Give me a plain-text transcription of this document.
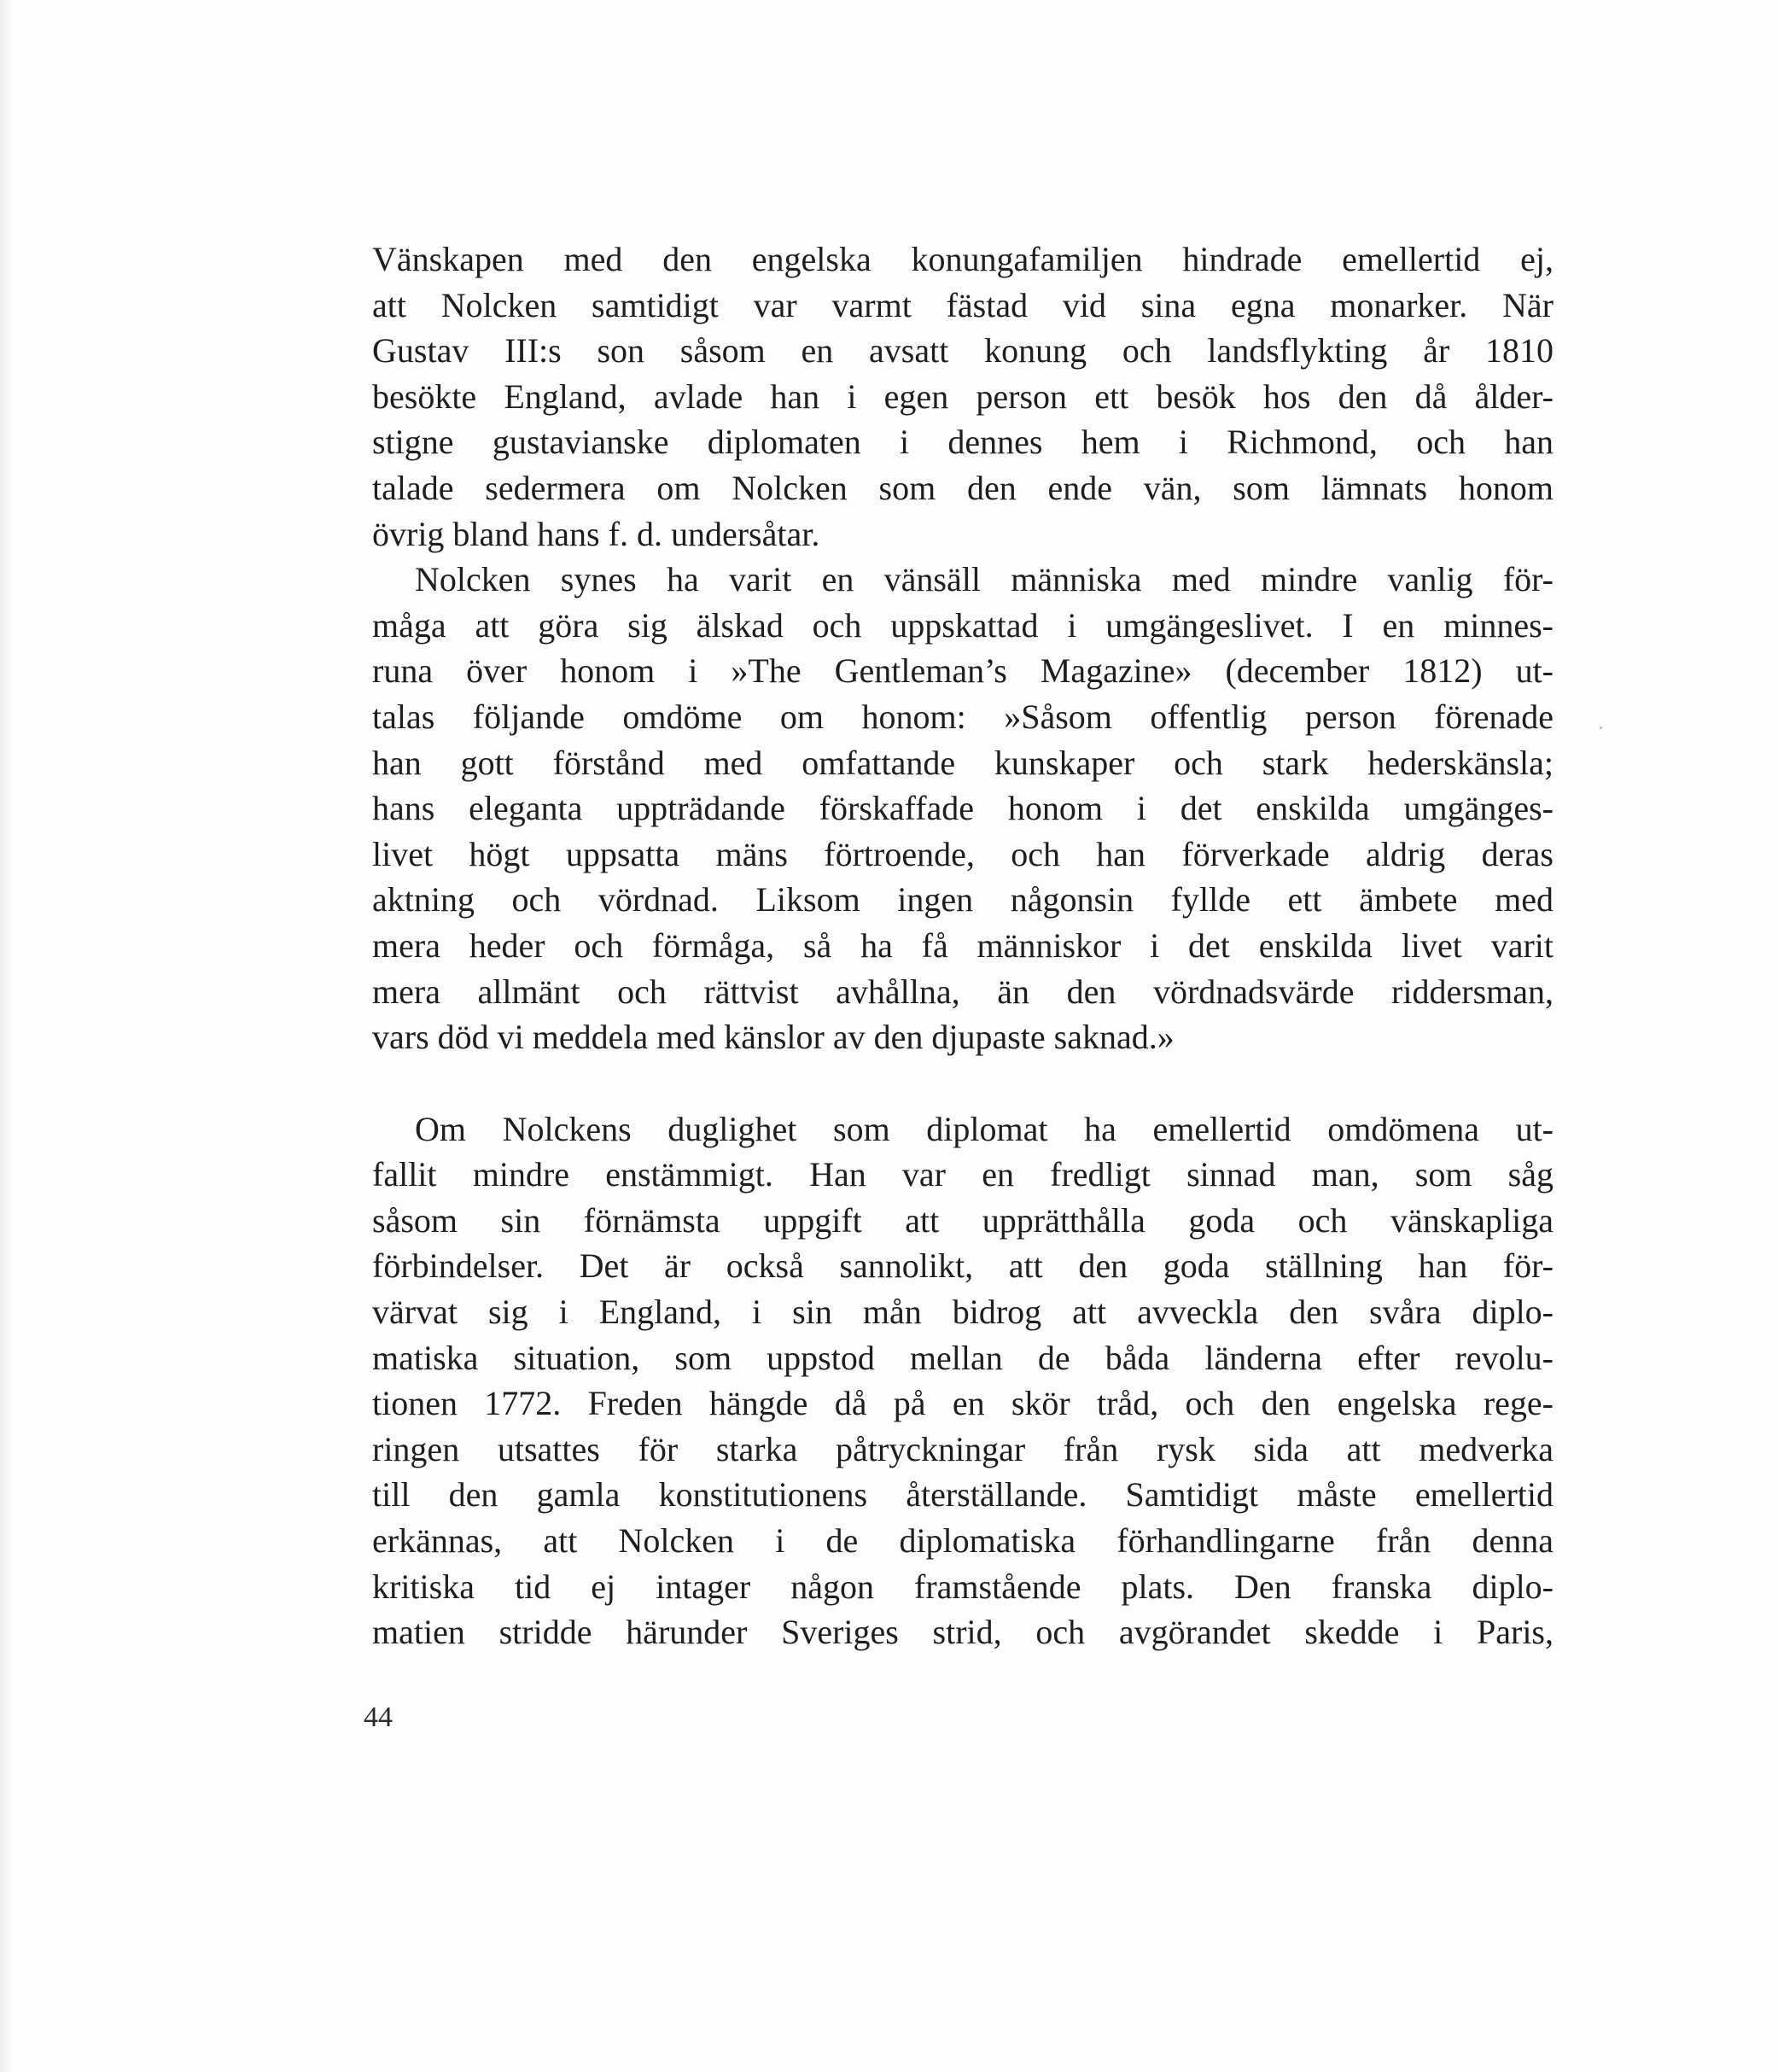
Vänskapen med den engelska konungafamiljen hindrade emellertid ej,
att Nolcken samtidigt var varmt fästad vid sina egna monarker. När
Gustav III:s son såsom en avsatt konung och landsflykting år 1810
besökte England, avlade han i egen person ett besök hos den då ålder-
stigne gustavianske diplomaten i dennes hem i Richmond, och han
talade sedermera om Nolcken som den ende vän, som lämnats honom
övrig bland hans f. d. undersåtar.
Nolcken synes ha varit en vänsäll människa med mindre vanlig för-
måga att göra sig älskad och uppskattad i umgängeslivet. I en minnes-
runa över honom i »The Gentleman’s Magazine» (december 1812) ut-
talas följande omdöme om honom: »Såsom offentlig person förenade
han gott förstånd med omfattande kunskaper och stark hederskänsla;
hans eleganta uppträdande förskaffade honom i det enskilda umgänges-
livet högt uppsatta mäns förtroende, och han förverkade aldrig deras
aktning och vördnad. Liksom ingen någonsin fyllde ett ämbete med
mera heder och förmåga, så ha få människor i det enskilda livet varit
mera allmänt och rättvist avhållna, än den vördnadsvärde riddersman,
vars död vi meddela med känslor av den djupaste saknad.»
Om Nolckens duglighet som diplomat ha emellertid omdömena ut-
fallit mindre enstämmigt. Han var en fredligt sinnad man, som såg
såsom sin förnämsta uppgift att upprätthålla goda och vänskapliga
förbindelser. Det är också sannolikt, att den goda ställning han för-
värvat sig i England, i sin mån bidrog att avveckla den svåra diplo-
matiska situation, som uppstod mellan de båda länderna efter revolu-
tionen 1772. Freden hängde då på en skör tråd, och den engelska rege-
ringen utsattes för starka påtryckningar från rysk sida att medverka
till den gamla konstitutionens återställande. Samtidigt måste emellertid
erkännas, att Nolcken i de diplomatiska förhandlingarne från denna
kritiska tid ej intager någon framstående plats. Den franska diplo-
matien stridde härunder Sveriges strid, och avgörandet skedde i Paris,
44
